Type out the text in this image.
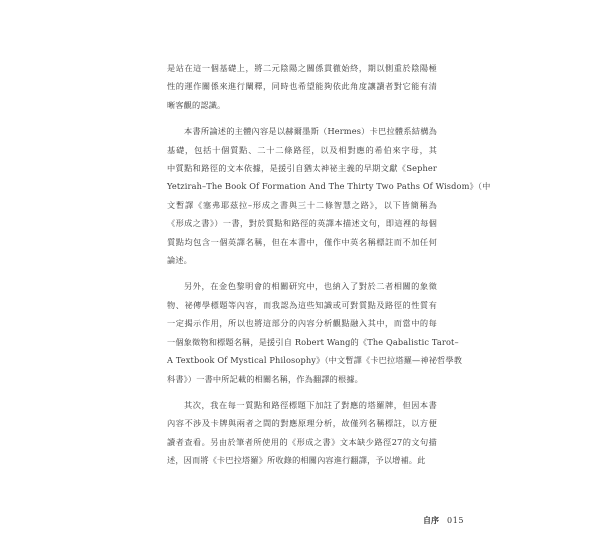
是站在這一個基礎上，將二元陰陽之關係貫徹始終，期以側重於陰陽極
性的運作關係來進行闡釋，同時也希望能夠依此角度讓讀者對它能有清
晰客觀的認識。
本書所論述的主體內容是以赫爾墨斯（Hermes）卡巴拉體系結構為
基礎，包括十個質點、二十二條路徑，以及相對應的希伯來字母，其
中質點和路徑的文本依據，是援引自猶太神祕主義的早期文獻《Sepher
Yetzirah–The Book Of Formation And The Thirty Two Paths Of Wisdom》（中
文暫譯《塞弗耶茲拉–形成之書與三十二條智慧之路》，以下皆簡稱為
《形成之書》）一書，對於質點和路徑的英譯本描述文句，即這裡的每個
質點均包含一個英譯名稱，但在本書中，僅作中英名稱標註而不加任何
論述。
另外，在金色黎明會的相關研究中，也納入了對於二者相關的象徵
物、祕傳學標題等內容，而我認為這些知識或可對質點及路徑的性質有
一定揭示作用，所以也將這部分的內容分析觀點融入其中，而當中的每
一個象徵物和標題名稱，是援引自 Robert Wang的《The Qabalistic Tarot–
A Textbook Of Mystical Philosophy》（中文暫譯《卡巴拉塔羅—神祕哲學教
科書》）一書中所記載的相關名稱，作為翻譯的根據。
其次，我在每一質點和路徑標題下加註了對應的塔羅牌，但因本書
內容不涉及卡牌與兩者之間的對應原理分析，故僅列名稱標註，以方便
讀者查看。另由於筆者所使用的《形成之書》文本缺少路徑27的文句描
述，因而將《卡巴拉塔羅》所收錄的相關內容進行翻譯，予以增補。此
自序 015
